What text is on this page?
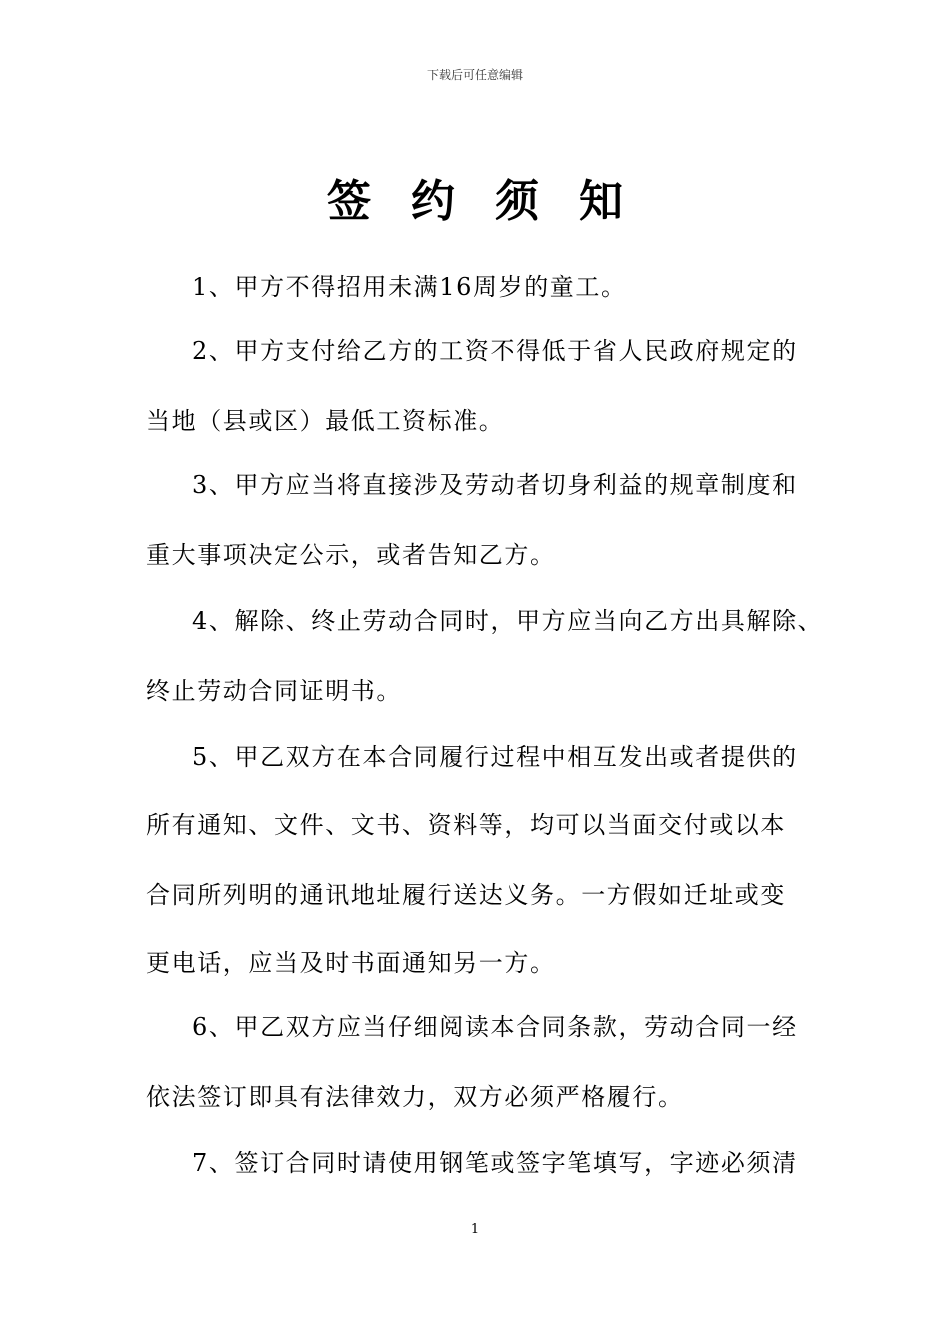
下载后可任意编辑
签 约 须 知
1、甲方不得招用未满16周岁的童工。
2、甲方支付给乙方的工资不得低于省人民政府规定的
当地（县或区）最低工资标准。
3、甲方应当将直接涉及劳动者切身利益的规章制度和
重大事项决定公示，或者告知乙方。
4、解除、终止劳动合同时，甲方应当向乙方出具解除、
终止劳动合同证明书。
5、甲乙双方在本合同履行过程中相互发出或者提供的
所有通知、文件、文书、资料等，均可以当面交付或以本
合同所列明的通讯地址履行送达义务。一方假如迁址或变
更电话，应当及时书面通知另一方。
6、甲乙双方应当仔细阅读本合同条款，劳动合同一经
依法签订即具有法律效力，双方必须严格履行。
7、签订合同时请使用钢笔或签字笔填写，字迹必须清
1
